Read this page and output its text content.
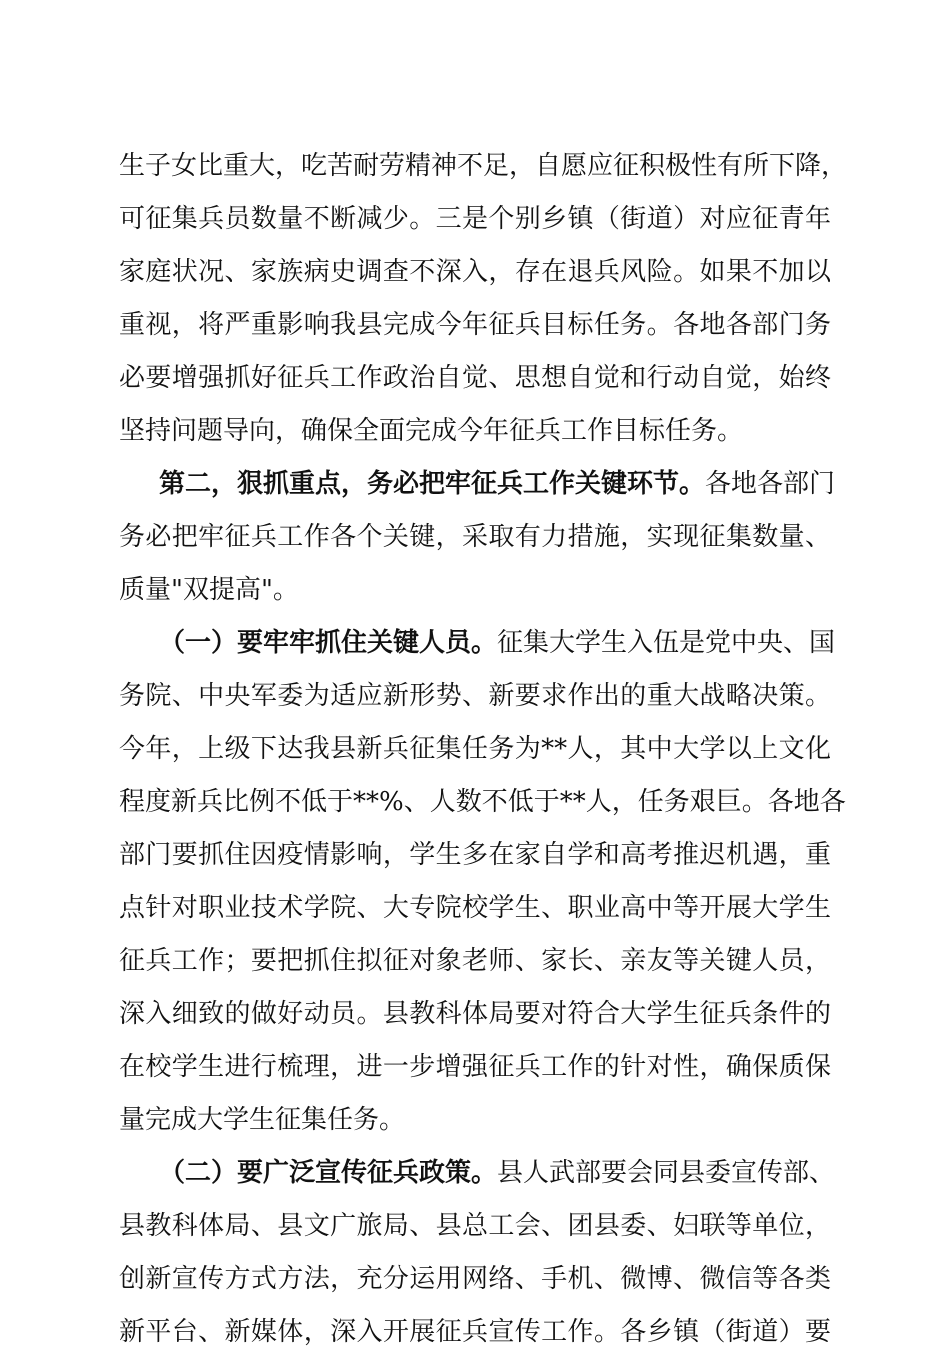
生子女比重大，吃苦耐劳精神不足，自愿应征积极性有所下降，
可征集兵员数量不断减少。三是个别乡镇（街道）对应征青年
家庭状况、家族病史调查不深入，存在退兵风险。如果不加以
重视，将严重影响我县完成今年征兵目标任务。各地各部门务
必要增强抓好征兵工作政治自觉、思想自觉和行动自觉，始终
坚持问题导向，确保全面完成今年征兵工作目标任务。
第二，狠抓重点，务必把牢征兵工作关键环节。各地各部门
务必把牢征兵工作各个关键，采取有力措施，实现征集数量、
质量"双提高"。
（一）要牢牢抓住关键人员。征集大学生入伍是党中央、国
务院、中央军委为适应新形势、新要求作出的重大战略决策。
今年，上级下达我县新兵征集任务为**人，其中大学以上文化
程度新兵比例不低于**%、人数不低于**人，任务艰巨。各地各
部门要抓住因疫情影响，学生多在家自学和高考推迟机遇，重
点针对职业技术学院、大专院校学生、职业高中等开展大学生
征兵工作；要把抓住拟征对象老师、家长、亲友等关键人员，
深入细致的做好动员。县教科体局要对符合大学生征兵条件的
在校学生进行梳理，进一步增强征兵工作的针对性，确保质保
量完成大学生征集任务。
（二）要广泛宣传征兵政策。县人武部要会同县委宣传部、
县教科体局、县文广旅局、县总工会、团县委、妇联等单位，
创新宣传方式方法，充分运用网络、手机、微博、微信等各类
新平台、新媒体，深入开展征兵宣传工作。各乡镇（街道）要
